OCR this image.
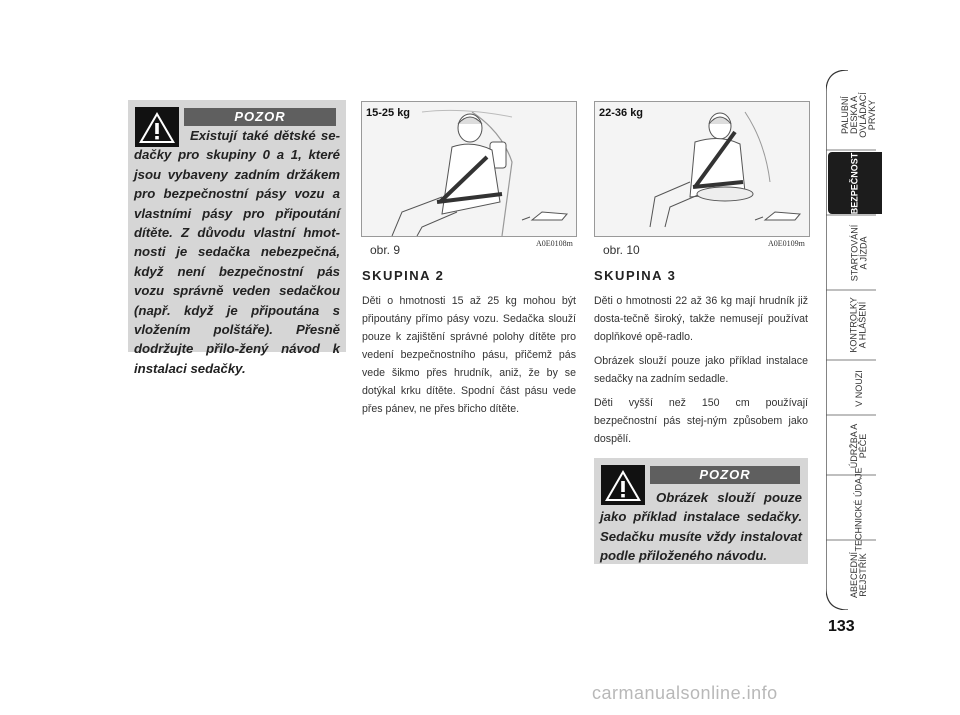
POZOR
Existují také dětské se-dačky pro skupiny 0 a 1, které jsou vybaveny zadním držákem pro bezpečnostní pásy vozu a vlastními pásy pro připoutání dítěte. Z důvodu vlastní hmot-nosti je sedačka nebezpečná, když není bezpečnostní pás vozu správně veden sedačkou (např. když je připoutána s vložením polštáře). Přesně dodržujte přilo-žený návod k instalaci sedačky.
15-25 kg
A0E0108m
obr. 9
22-36 kg
A0E0109m
obr. 10
SKUPINA 2

Děti o hmotnosti 15 až 25 kg mohou být připoutány přímo pásy vozu. Sedačka slouží pouze k zajištění správné polohy dítěte pro vedení bezpečnostního pásu, přičemž pás vede šikmo přes hrudník, aniž, že by se dotýkal krku dítěte. Spodní část pásu vede přes pánev, ne přes břicho dítěte.

SKUPINA 3

Děti o hmotnosti 22 až 36 kg mají hrudník již dosta-tečně široký, takže nemusejí používat doplňkové opě-radlo.

Obrázek slouží pouze jako příklad instalace sedačky na zadním sedadle.

Děti vyšší než 150 cm používají bezpečnostní pás stej-ným způsobem jako dospělí.

POZOR
Obrázek slouží pouze jako příklad instalace sedačky. Sedačku musíte vždy instalovat podle přiloženého návodu.
PALUBNÍ DESKA A OVLÁDACÍ PRVKY
BEZPEČNOST
STARTOVÁNÍ A JÍZDA
KONTROLKY A HLÁŠENÍ
V NOUZI
ÚDRŽBA A PÉČE
TECHNICKÉ ÚDAJE
ABECEDNÍ REJSTŘÍK
133
carmanualsonline.info
